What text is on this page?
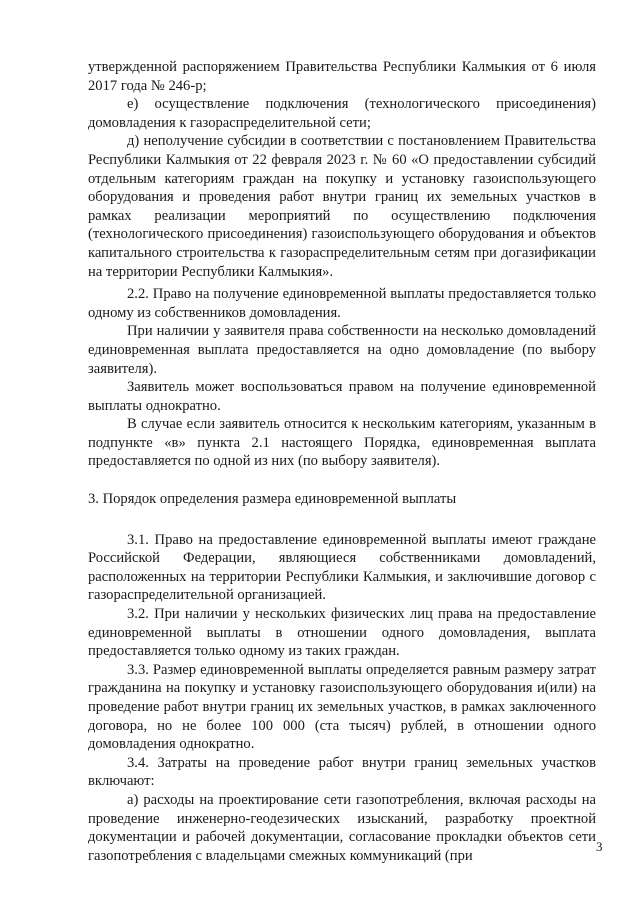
утвержденной распоряжением Правительства Республики Калмыкия от 6 июля 2017 года № 246-р;

е) осуществление подключения (технологического присоединения) домовладения к газораспределительной сети;

д) неполучение субсидии в соответствии с постановлением Правительства Республики Калмыкия от 22 февраля 2023 г. № 60 «О предоставлении субсидий отдельным категориям граждан на покупку и установку газоиспользующего оборудования и проведения работ внутри границ их земельных участков в рамках реализации мероприятий по осуществлению подключения (технологического присоединения) газоиспользующего оборудования и объектов капитального строительства к газораспределительным сетям при догазификации на территории Республики Калмыкия».

2.2. Право на получение единовременной выплаты предоставляется только одному из собственников домовладения.

При наличии у заявителя права собственности на несколько домовладений единовременная выплата предоставляется на одно домовладение (по выбору заявителя).

Заявитель может воспользоваться правом на получение единовременной выплаты однократно.

В случае если заявитель относится к нескольким категориям, указанным в подпункте «в» пункта 2.1 настоящего Порядка, единовременная выплата предоставляется по одной из них (по выбору заявителя).

3. Порядок определения размера единовременной выплаты

3.1. Право на предоставление единовременной выплаты имеют граждане Российской Федерации, являющиеся собственниками домовладений, расположенных на территории Республики Калмыкия, и заключившие договор с газораспределительной организацией.

3.2. При наличии у нескольких физических лиц права на предоставление единовременной выплаты в отношении одного домовладения, выплата предоставляется только одному из таких граждан.

3.3. Размер единовременной выплаты определяется равным размеру затрат гражданина на покупку и установку газоиспользующего оборудования и(или) на проведение работ внутри границ их земельных участков, в рамках заключенного договора, но не более 100 000 (ста тысяч) рублей, в отношении одного домовладения однократно.

3.4. Затраты на проведение работ внутри границ земельных участков включают:

а) расходы на проектирование сети газопотребления, включая расходы на проведение инженерно-геодезических изысканий, разработку проектной документации и рабочей документации, согласование прокладки объектов сети газопотребления с владельцами смежных коммуникаций (при

3
